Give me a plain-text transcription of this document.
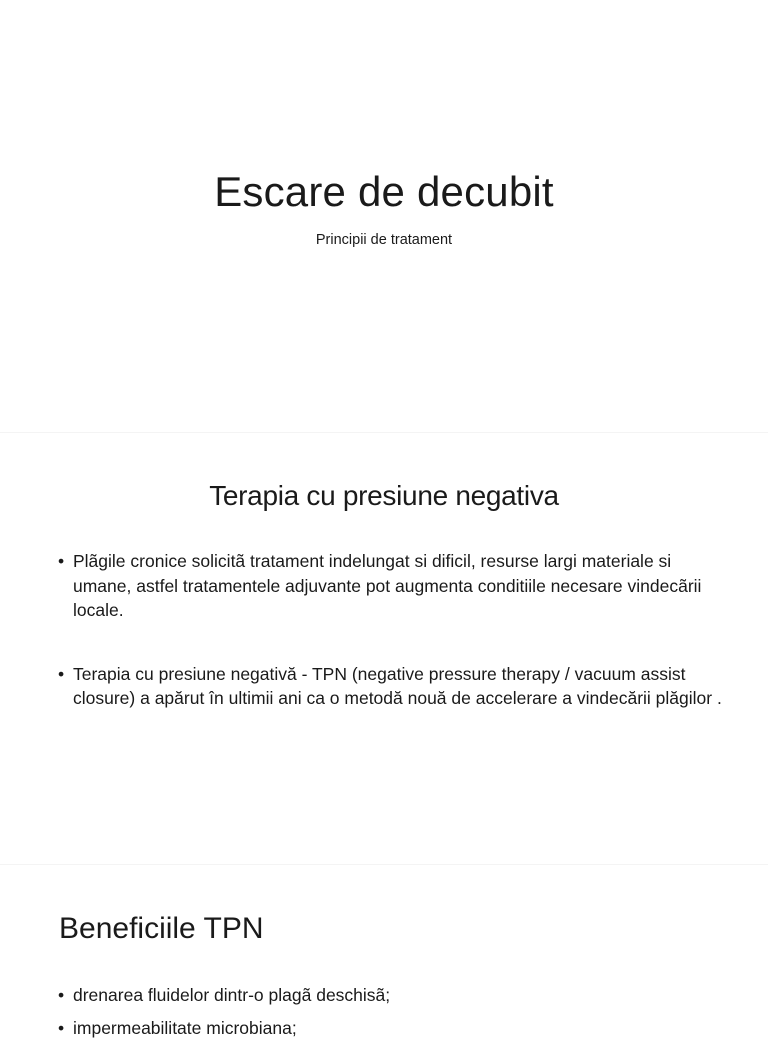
Escare de decubit
Principii de tratament
Terapia cu presiune negativa
• Plãgile cronice solicitã tratament indelungat si dificil, resurse largi materiale si umane, astfel tratamentele adjuvante pot augmenta conditiile necesare vindecãrii locale.
• Terapia cu presiune negativă - TPN (negative pressure therapy / vacuum assist closure) a apărut în ultimii ani ca o metodă nouă de accelerare a vindecării plăgilor .
Beneficiile TPN
• drenarea fluidelor dintr-o plagã deschisã;
• impermeabilitate microbiana;
